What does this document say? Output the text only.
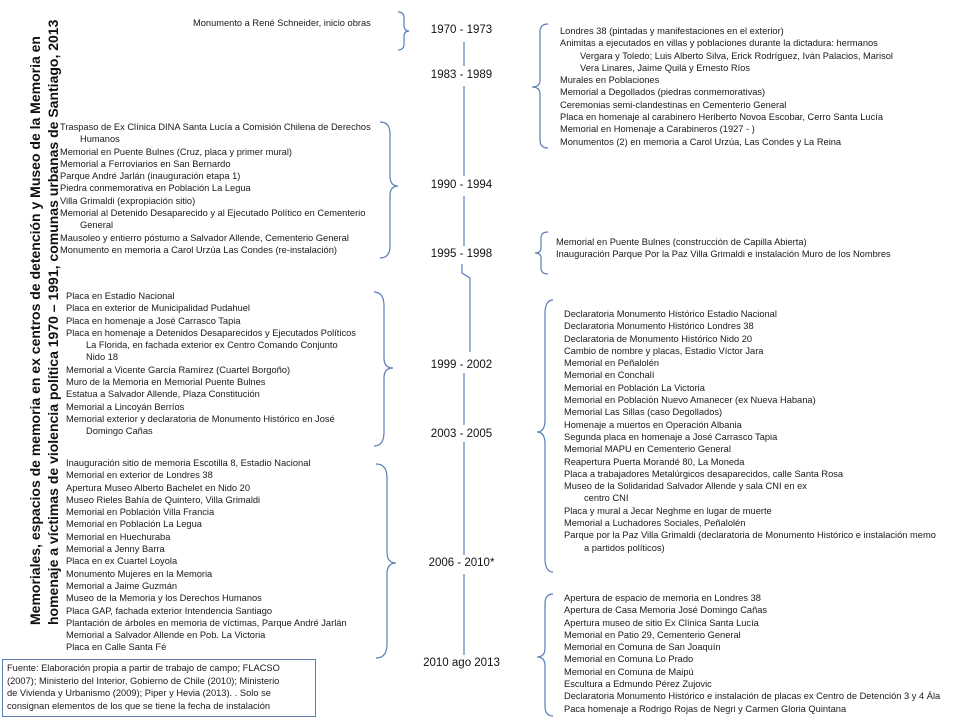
Memoriales, espacios de memoria en ex centros de detención y Museo de la Memoria en homenaje a víctimas de violencia política 1970 – 1991, comunas urbanas de Santiago, 2013	1970 - 1973
1983 - 1989
1990 - 1994
1995 - 1998
1999 - 2002
2003 - 2005
2006 - 2010*
2010 ago 2013
Monumento a René Schneider, inicio obras
Traspaso de Ex Clínica DINA Santa Lucía a Comisión Chilena de Derechos
Humanos
Memorial en Puente Bulnes (Cruz, placa y primer mural)
Memorial a Ferroviarios en San Bernardo
Parque André Jarlán (inauguración etapa 1)
Piedra conmemorativa en Población La Legua
Villa Grimaldi (expropiación sitio)
Memorial al Detenido Desaparecido y al Ejecutado Político en Cementerio
General
Mausoleo y entierro póstumo a Salvador Allende, Cementerio General
Monumento en memoria a Carol Urzúa Las Condes (re-instalación)
Placa en Estadio Nacional
Placa en exterior de Municipalidad Pudahuel
Placa en homenaje a José Carrasco Tapia
Placa en homenaje a Detenidos Desaparecidos y Ejecutados Políticos
La Florida, en fachada exterior ex Centro Comando Conjunto
Nido 18
Memorial a Vicente García Ramírez (Cuartel Borgoño)
Muro de la Memoria en Memorial Puente Bulnes
Estatua a Salvador Allende, Plaza Constitución
Memorial a Lincoyán Berríos
Memorial exterior y declaratoria de Monumento Histórico en José
Domingo Cañas
Inauguración sitio de memoria Escotilla 8, Estadio Nacional
Memorial en exterior de Londres 38
Apertura Museo Alberto Bachelet en Nido 20
Museo Rieles Bahía de Quintero, Villa Grimaldi
Memorial en Población Villa Francia
Memorial en Población La Legua
Memorial en Huechuraba
Memorial a Jenny Barra
Placa en ex Cuartel Loyola
Monumento Mujeres en la Memoria
Memorial a Jaime Guzmán
Museo de la Memoria y los Derechos Humanos
Placa GAP, fachada exterior Intendencia Santiago
Plantación de árboles en memoria de víctimas, Parque André Jarlán
Memorial a Salvador Allende en Pob. La Victoria
Placa en Calle Santa Fé
Londres 38 (pintadas y manifestaciones en el exterior)
Animitas a ejecutados en villas y poblaciones durante la dictadura: hermanos
Vergara y Toledo; Luis Alberto Silva, Erick Rodríguez, Iván Palacios, Marisol
Vera Linares, Jaime Quilá y Ernesto Ríos
Murales en Poblaciones
Memorial a Degollados (piedras conmemorativas)
Ceremonias semi-clandestinas en Cementerio General
Placa en homenaje al carabinero Heriberto Novoa Escobar, Cerro Santa Lucía
Memorial en Homenaje a Carabineros (1927 - )
Monumentos (2) en memoria a Carol Urzúa, Las Condes y La Reina
Memorial en Puente Bulnes (construcción de Capilla Abierta)
Inauguración Parque Por la Paz Villa Grimaldi e instalación Muro de los Nombres
Declaratoria Monumento Histórico Estadio Nacional
Declaratoria Monumento Histórico Londres 38
Declaratoria de Monumento Histórico Nido 20
Cambio de nombre y placas, Estadio Víctor Jara
Memorial en Peñalolén
Memorial en Conchalí
Memorial en Población La Victoria
Memorial en Población Nuevo Amanecer (ex Nueva Habana)
Memorial Las Sillas (caso Degollados)
Homenaje a muertos en Operación Albania
Segunda placa en homenaje a José Carrasco Tapia
Memorial MAPU en Cementerio General
Reapertura Puerta Morandé 80, La Moneda
Placa a trabajadores Metalúrgicos desaparecidos, calle Santa Rosa
Museo de la Solidaridad Salvador Allende y sala CNI en ex
centro CNI
Placa y mural a Jecar Neghme en lugar de muerte
Memorial a Luchadores Sociales, Peñalolén
Parque por la Paz Villa Grimaldi (declaratoria de Monumento Histórico e instalación memo
a partidos políticos)
Apertura de espacio de memoria en Londres 38
Apertura de Casa Memoria José Domingo Cañas
Apertura museo de sitio Ex Clínica Santa Lucía
Memorial en Patio 29, Cementerio General
Memorial en Comuna de San Joaquín
Memorial en Comuna Lo Prado
Memorial en Comuna de Maipú
Escultura a Edmundo Pérez Zujovic
Declaratoria Monumento Histórico e instalación de placas ex Centro de Detención 3 y 4 Ála
Paca homenaje a Rodrigo Rojas de Negri y Carmen Gloria Quintana
Fuente: Elaboración propia a partir de trabajo de campo; FLACSO
(2007); Ministerio del Interior, Gobierno de Chile (2010); Ministerio
de Vivienda y Urbanismo (2009); Piper y Hevia (2013). . Solo se
consignan elementos de los que se tiene la fecha de instalación
